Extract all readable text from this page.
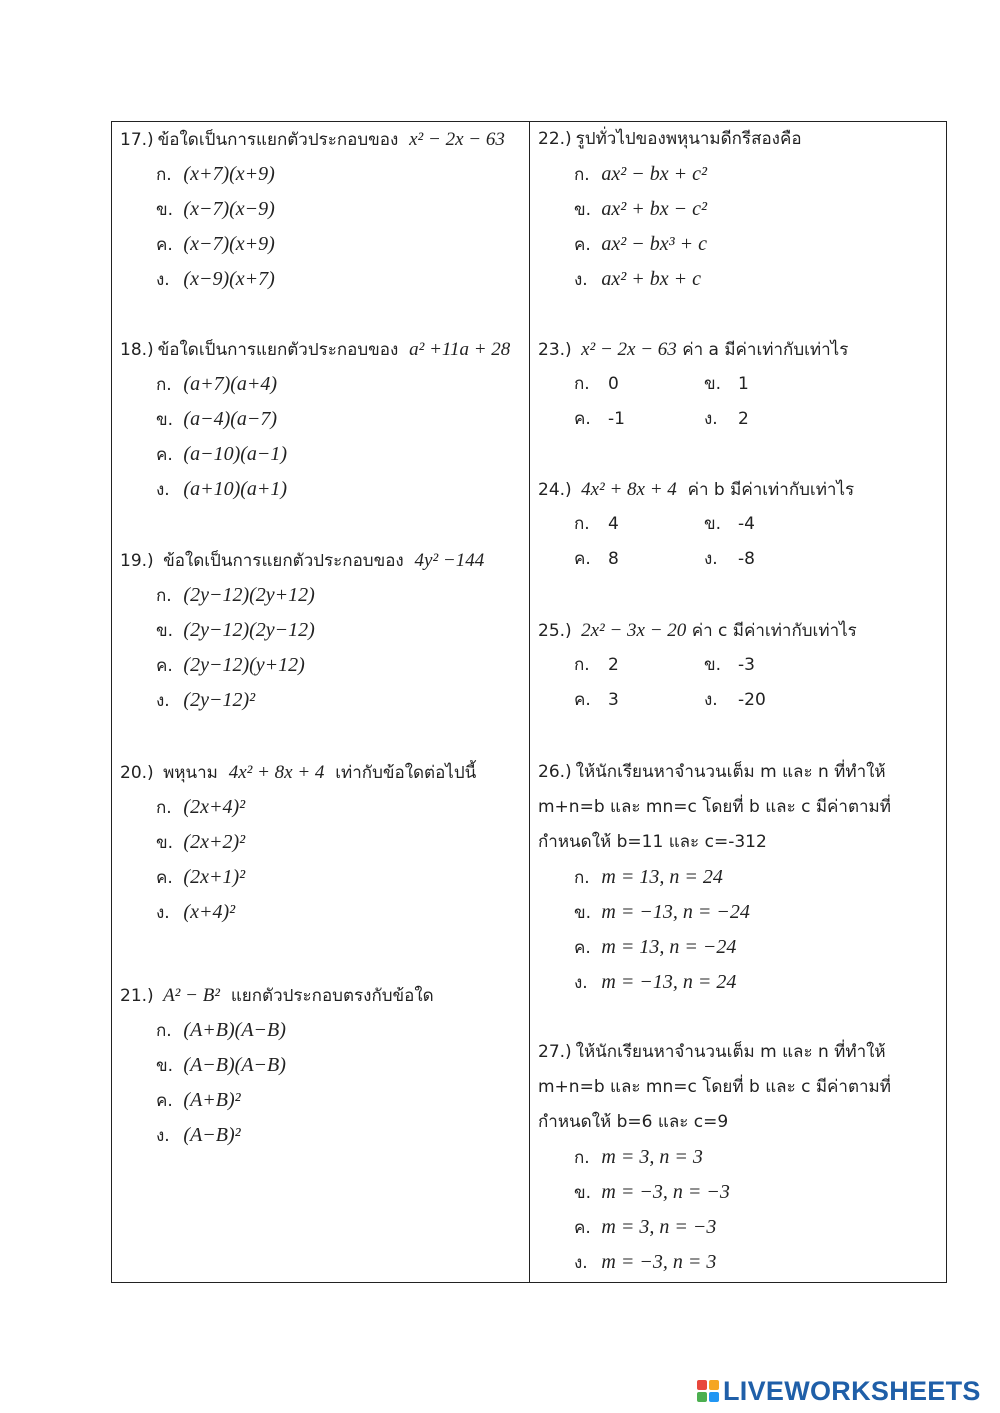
17.) ข้อใดเป็นการแยกตัวประกอบของ x² − 2x − 63
ก. (x+7)(x+9)
ข. (x−7)(x−9)
ค. (x−7)(x+9)
ง. (x−9)(x+7)
18.) ข้อใดเป็นการแยกตัวประกอบของ a² +11a + 28
ก. (a+7)(a+4)
ข. (a−4)(a−7)
ค. (a−10)(a−1)
ง. (a+10)(a+1)
19.) ข้อใดเป็นการแยกตัวประกอบของ 4y² −144
ก. (2y−12)(2y+12)
ข. (2y−12)(2y−12)
ค. (2y−12)(y+12)
ง. (2y−12)²
20.) พหุนาม 4x² + 8x + 4 เท่ากับข้อใดต่อไปนี้
ก. (2x+4)²
ข. (2x+2)²
ค. (2x+1)²
ง. (x+4)²
21.) A² − B² แยกตัวประกอบตรงกับข้อใด
ก. (A+B)(A−B)
ข. (A−B)(A−B)
ค. (A+B)²
ง. (A−B)²
22.) รูปทั่วไปของพหุนามดีกรีสองคือ
ก. ax² − bx + c²
ข. ax² + bx − c²
ค. ax² − bx³ + c
ง. ax² + bx + c
23.) x² − 2x − 63 ค่า a มีค่าเท่ากับเท่าไร
ก. 0	ข. 1
ค. -1	ง. 2
24.) 4x² + 8x + 4 ค่า b มีค่าเท่ากับเท่าไร
ก. 4	ข. -4
ค. 8	ง. -8
25.) 2x² − 3x − 20 ค่า c มีค่าเท่ากับเท่าไร
ก. 2	ข. -3
ค. 3	ง. -20
26.) ให้นักเรียนหาจำนวนเต็ม m และ n ที่ทำให้
m+n=b และ mn=c โดยที่ b และ c มีค่าตามที่
กำหนดให้ b=11 และ c=-312
ก. m = 13, n = 24
ข. m = −13, n = −24
ค. m = 13, n = −24
ง. m = −13, n = 24
27.) ให้นักเรียนหาจำนวนเต็ม m และ n ที่ทำให้
m+n=b และ mn=c โดยที่ b และ c มีค่าตามที่
กำหนดให้ b=6 และ c=9
ก. m = 3, n = 3
ข. m = −3, n = −3
ค. m = 3, n = −3
ง. m = −3, n = 3
LIVEWORKSHEETS
